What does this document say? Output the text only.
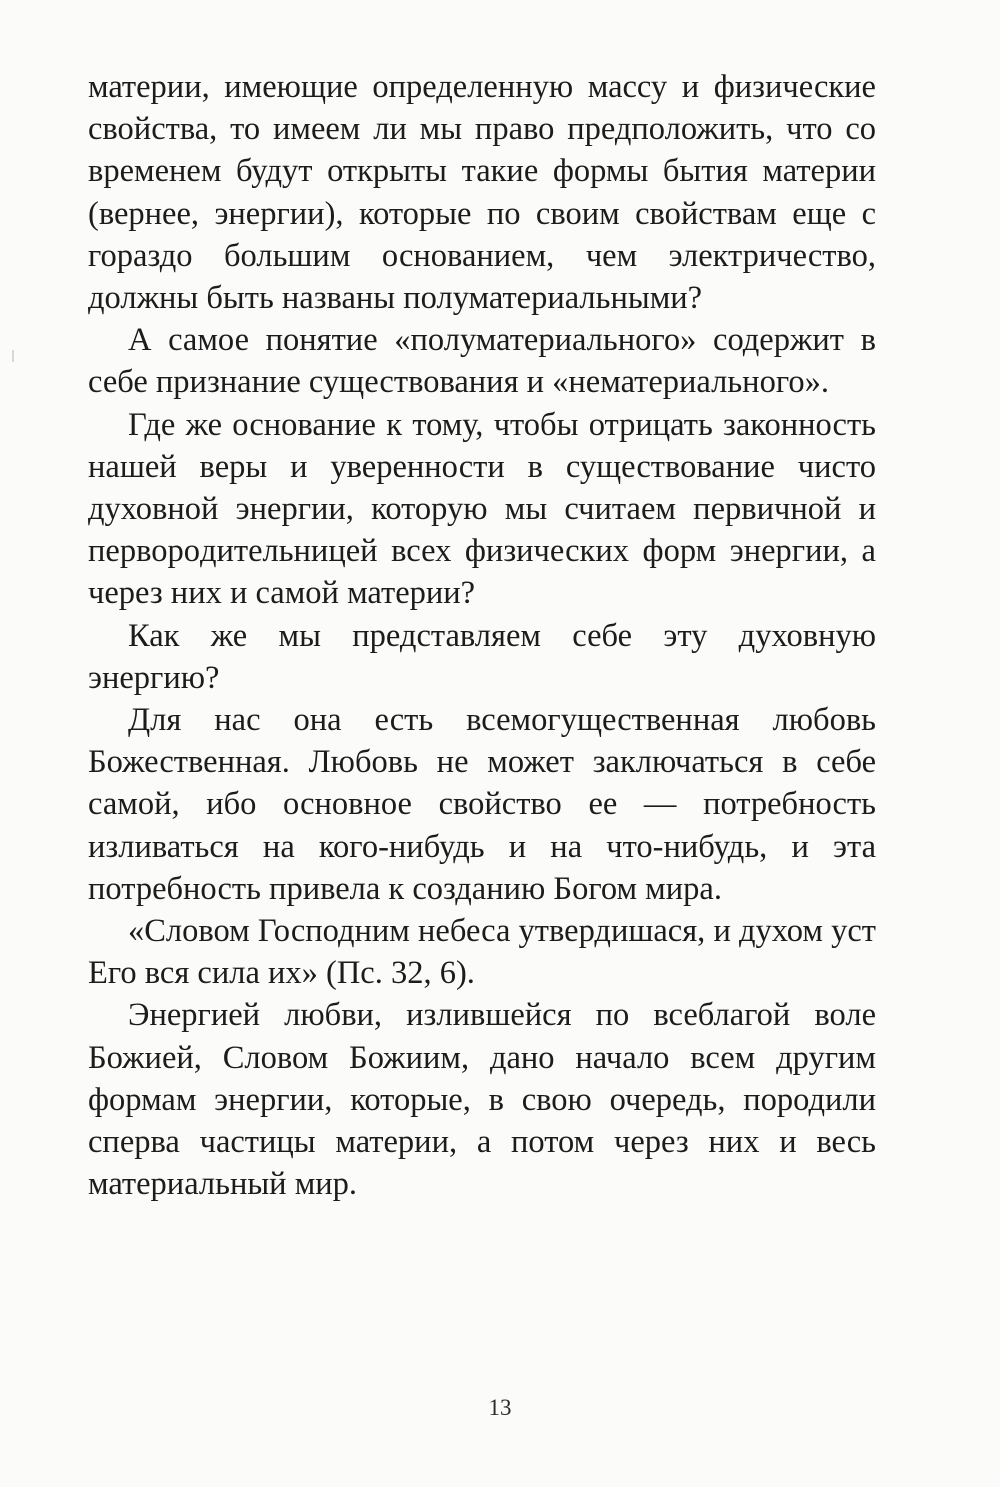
материи, имеющие определенную массу и физические свойства, то имеем ли мы право предположить, что со временем будут открыты такие формы бытия материи (вернее, энергии), которые по своим свойствам еще с гораздо большим основанием, чем электричество, должны быть названы полуматериальными?

А самое понятие «полуматериального» содержит в себе признание существования и «нематериального».

Где же основание к тому, чтобы отрицать законность нашей веры и уверенности в существование чисто духовной энергии, которую мы считаем первичной и перворoдительницей всех физических форм энергии, а через них и самой материи?

Как же мы представляем себе эту духовную энергию?

Для нас она есть всемогущественная любовь Божественная. Любовь не может заключаться в себе самой, ибо основное свойство ее — потребность изливаться на кого-нибудь и на что-нибудь, и эта потребность привела к созданию Богом мира.

«Словом Господним небеса утвердишася, и духом уст Его вся сила их» (Пс. 32, 6).

Энергией любви, излившейся по всеблагой воле Божией, Словом Божиим, дано начало всем другим формам энергии, которые, в свою очередь, породили сперва частицы материи, а потом через них и весь материальный мир.

13
